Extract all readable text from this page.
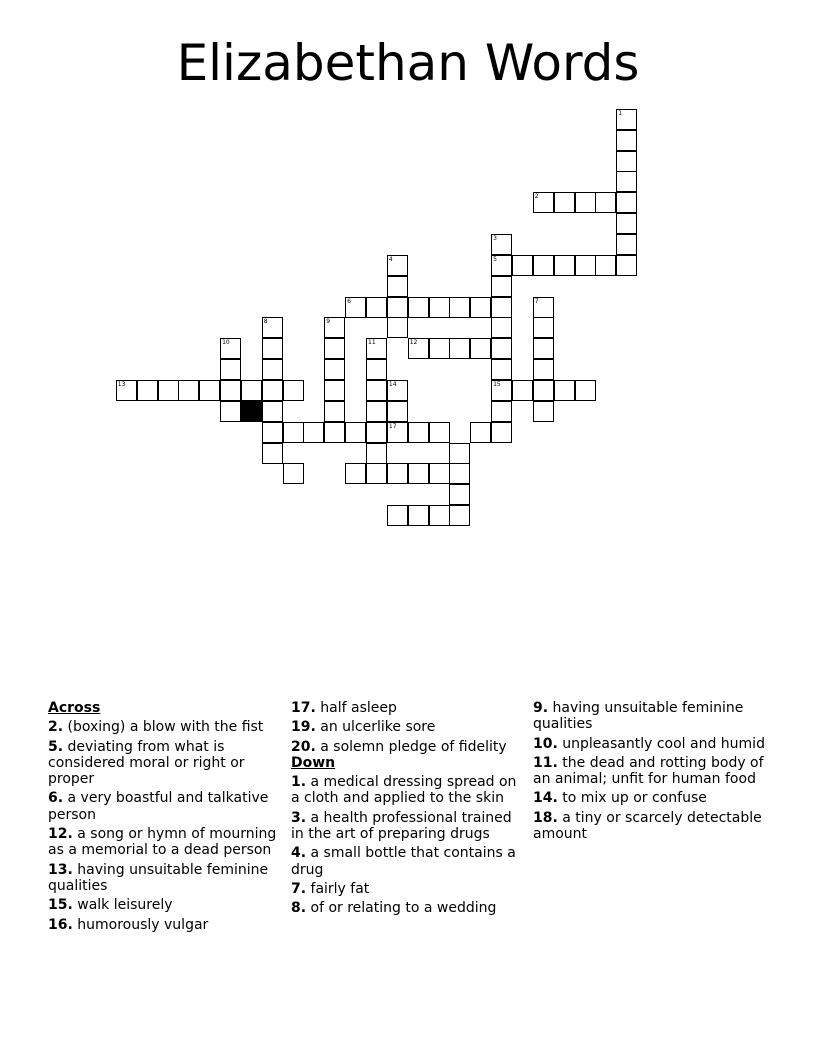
Elizabethan Words
1
2
3
5
15
4
6	7
8	9
12
10	11
13	14
17
Across
2. (boxing) a blow with the fist
5. deviating from what is considered moral or right or proper
6. a very boastful and talkative person
12. a song or hymn of mourning as a memorial to a dead person
13. having unsuitable feminine qualities
15. walk leisurely
16. humorously vulgar
17. half asleep
19. an ulcerlike sore
20. a solemn pledge of fidelity
Down
1. a medical dressing spread on a cloth and applied to the skin
3. a health professional trained in the art of preparing drugs
4. a small bottle that contains a drug
7. fairly fat
8. of or relating to a wedding
9. having unsuitable feminine qualities
10. unpleasantly cool and humid
11. the dead and rotting body of an animal; unfit for human food
14. to mix up or confuse
18. a tiny or scarcely detectable amount
